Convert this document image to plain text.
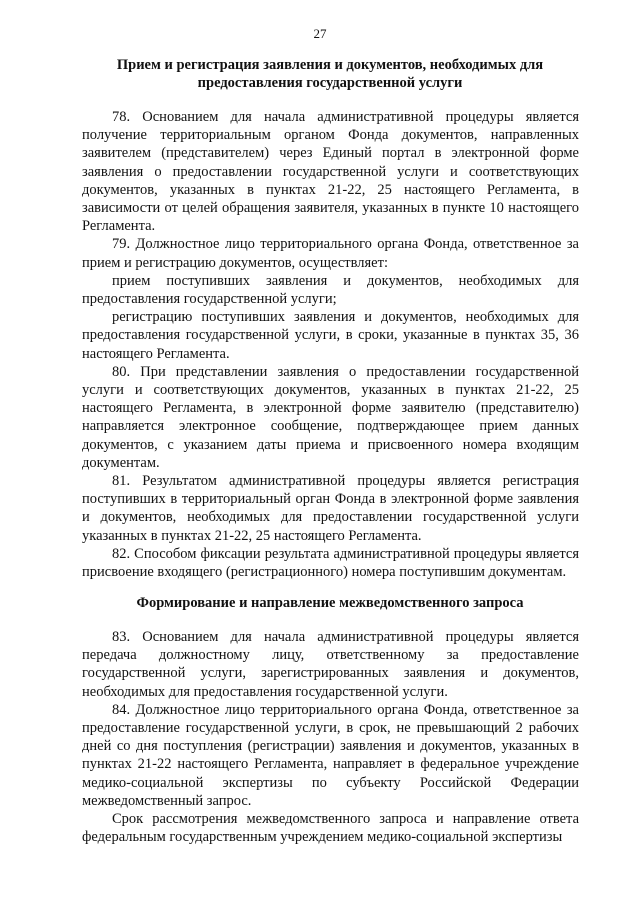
27
Прием и регистрация заявления и документов, необходимых для
предоставления государственной услуги

78. Основанием для начала административной процедуры является получение территориальным органом Фонда документов, направленных заявителем (представителем) через Единый портал в электронной форме заявления о предоставлении государственной услуги и соответствующих документов, указанных в пунктах 21-22, 25 настоящего Регламента, в зависимости от целей обращения заявителя, указанных в пункте 10 настоящего Регламента.

79. Должностное лицо территориального органа Фонда, ответственное за прием и регистрацию документов, осуществляет:

прием поступивших заявления и документов, необходимых для предоставления государственной услуги;

регистрацию поступивших заявления и документов, необходимых для предоставления государственной услуги, в сроки, указанные в пунктах 35, 36 настоящего Регламента.

80. При представлении заявления о предоставлении государственной услуги и соответствующих документов, указанных в пунктах 21-22, 25 настоящего Регламента, в электронной форме заявителю (представителю) направляется электронное сообщение, подтверждающее прием данных документов, с указанием даты приема и присвоенного номера входящим документам.

81. Результатом административной процедуры является регистрация поступивших в территориальный орган Фонда в электронной форме заявления и документов, необходимых для предоставлении государственной услуги указанных в пунктах 21-22, 25 настоящего Регламента.

82. Способом фиксации результата административной процедуры является присвоение входящего (регистрационного) номера поступившим документам.

Формирование и направление межведомственного запроса

83. Основанием для начала административной процедуры является передача должностному лицу, ответственному за предоставление государственной услуги, зарегистрированных заявления и документов, необходимых для предоставления государственной услуги.

84. Должностное лицо территориального органа Фонда, ответственное за предоставление государственной услуги, в срок, не превышающий 2 рабочих дней со дня поступления (регистрации) заявления и документов, указанных в пунктах 21-22 настоящего Регламента, направляет в федеральное учреждение медико-социальной экспертизы по субъекту Российской Федерации межведомственный запрос.

Срок рассмотрения межведомственного запроса и направление ответа федеральным государственным учреждением медико-социальной экспертизы
